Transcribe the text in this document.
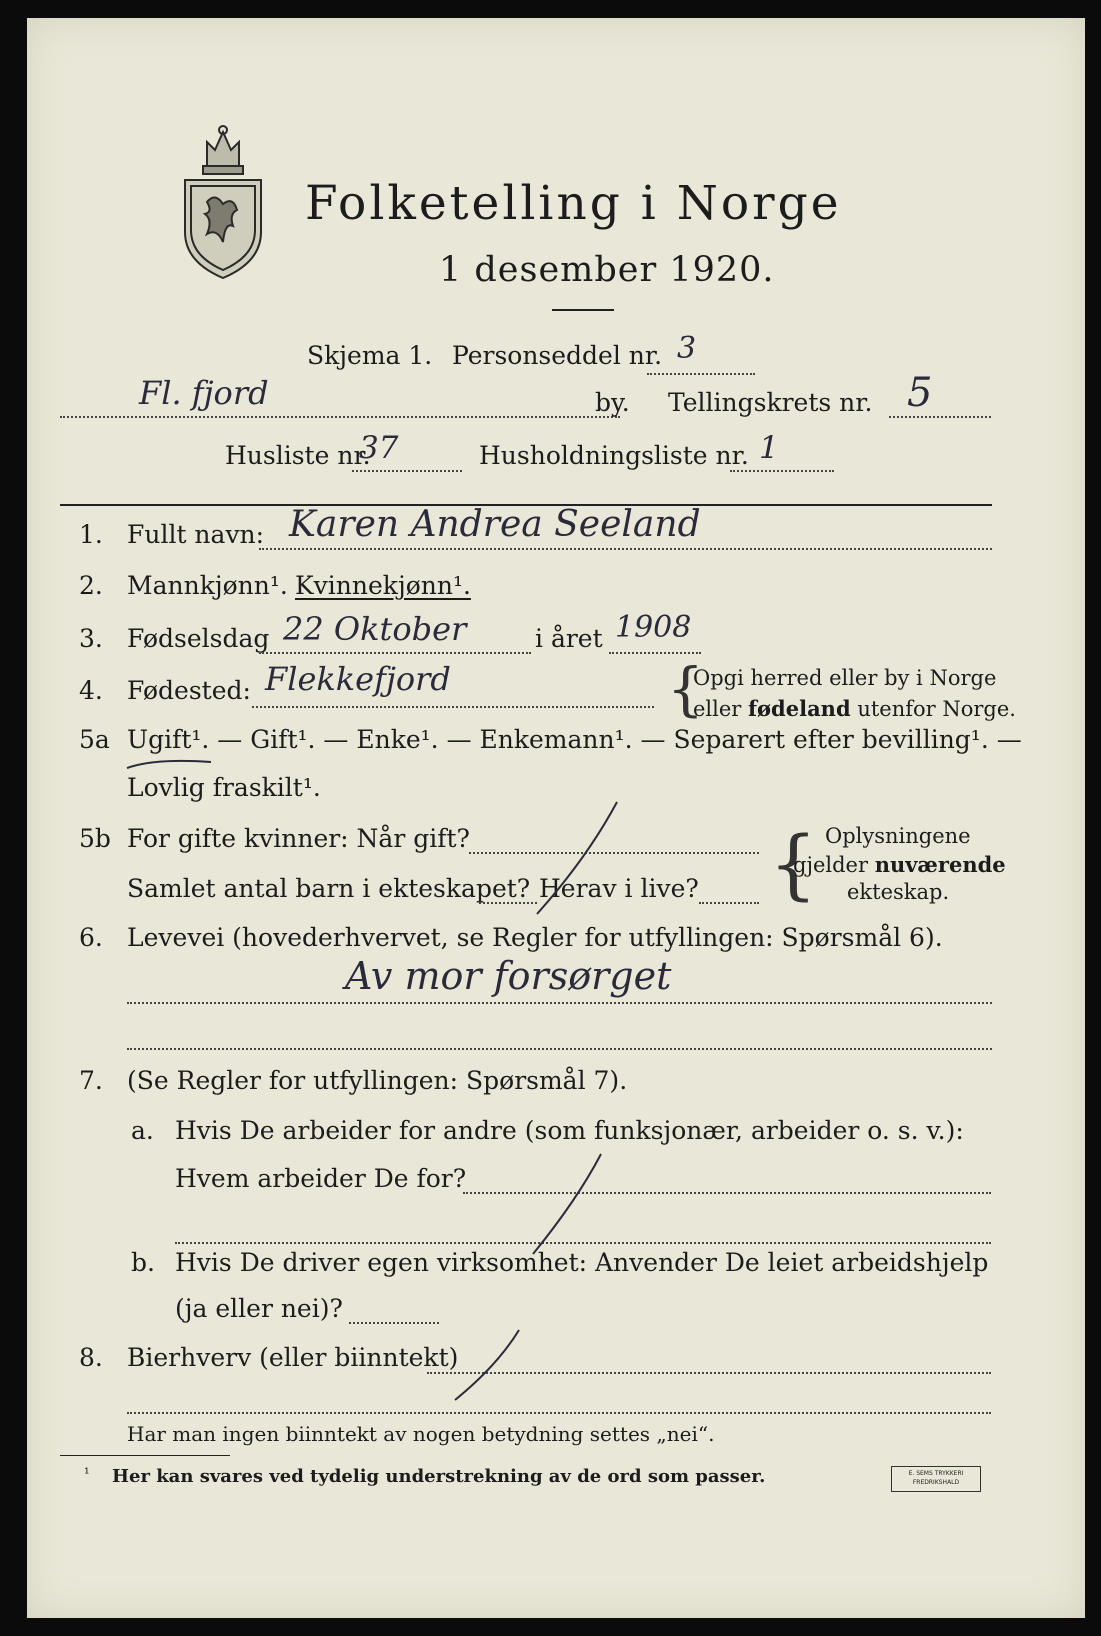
Folketelling i Norge
1 desember 1920.
Skjema 1. Personseddel nr. 3
Fl. fjord	by. Tellingskrets nr. 5
Husliste nr.
37	Husholdningsliste nr. 1
1. Fullt navn: Karen Andrea Seeland
2. Mannkjønn¹. Kvinnekjønn¹.
3. Fødselsdag 22 Oktober	i året 1908
4. Fødested: Flekkefjord	{
Opgi herred eller by i Norge
eller fødeland utenfor Norge.
5a Ugift¹. — Gift¹. — Enke¹. — Enkemann¹. — Separert efter bevilling¹. —
Lovlig fraskilt¹.
5b For gifte kvinner: Når gift?
Samlet antal barn i ekteskapet? Herav i live? { Oplysningene
gjelder nuværende
ekteskap.
6. Levevei (hovederhvervet, se Regler for utfyllingen: Spørsmål 6).
Av mor forsørget
7. (Se Regler for utfyllingen: Spørsmål 7).
a. Hvis De arbeider for andre (som funksjonær, arbeider o. s. v.):
Hvem arbeider De for?
b. Hvis De driver egen virksomhet: Anvender De leiet arbeidshjelp
(ja eller nei)?
8. Bierhverv (eller biinntekt)
Har man ingen biinntekt av nogen betydning settes „nei“.
¹ Her kan svares ved tydelig understrekning av de ord som passer.	E. SEMS TRYKKERI
FREDRIKSHALD
